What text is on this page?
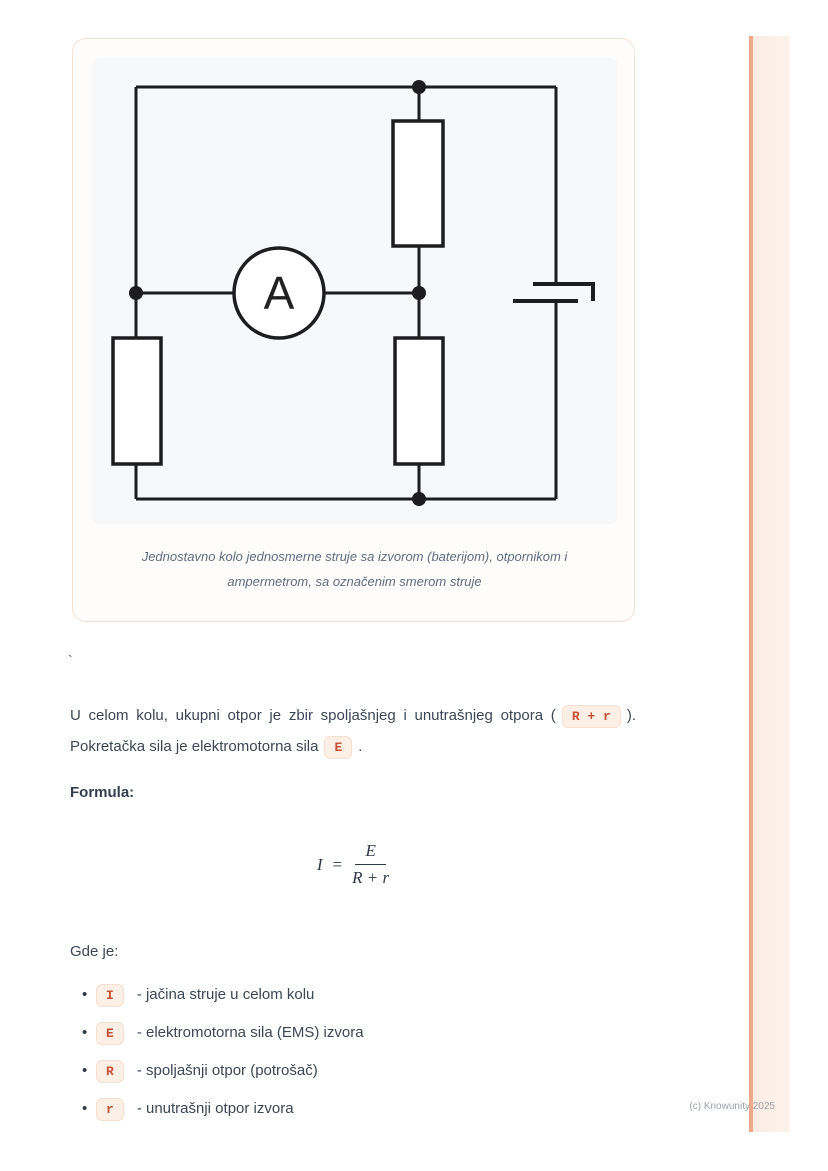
A
Jednostavno kolo jednosmerne struje sa izvorom (baterijom), otpornikom i
ampermetrom, sa označenim smerom struje
`

U celom kolu, ukupni otpor je zbir spoljašnjeg i unutrašnjeg otpora ( R + r ). Pokretačka sila je elektromotorna sila E .

Formula:
$I = \frac{E}{R + r}$
Gde je:
•	I	- jačina struje u celom kolu
•	E	- elektromotorna sila (EMS) izvora
•	R	- spoljašnji otpor (potrošač)
•	r	- unutrašnji otpor izvora	(c) Knowunity 2025
